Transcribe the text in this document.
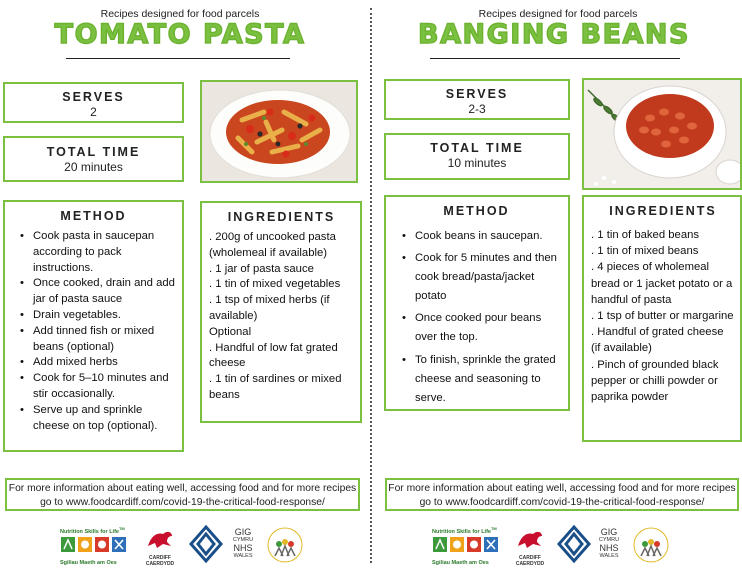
Recipes designed for food parcels
TOMATO PASTA
SERVES
2
TOTAL TIME
20 minutes
METHOD
• Cook pasta in saucepan according to pack instructions.
• Once cooked, drain and add jar of pasta sauce
• Drain vegetables.
• Add tinned fish or mixed beans (optional)
• Add mixed herbs
• Cook for 5–10 minutes and stir occasionally.
• Serve up and sprinkle cheese on top (optional).
INGREDIENTS
. 200g of uncooked pasta (wholemeal if available)
. 1 jar of pasta sauce
. 1 tin of mixed vegetables
. 1 tsp of mixed herbs (if available)
Optional
. Handful of low fat grated cheese
. 1 tin of sardines or mixed beans
For more information about eating well, accessing food and for more recipes go to www.foodcardiff.com/covid-19-the-critical-food-response/
Recipes designed for food parcels
BANGING BEANS
SERVES
2-3
TOTAL TIME
10 minutes
METHOD
• Cook beans in saucepan.
• Cook for 5 minutes and then cook bread/pasta/jacket potato
• Once cooked pour beans over the top.
• To finish, sprinkle the grated cheese and seasoning to serve.
INGREDIENTS
. 1 tin of baked beans
. 1 tin of mixed beans
. 4 pieces of wholemeal bread or 1 jacket potato or a handful of pasta
. 1 tsp of butter or margarine
. Handful of grated cheese (if available)
. Pinch of grounded black pepper or chilli powder or paprika powder
For more information about eating well, accessing food and for more recipes go to www.foodcardiff.com/covid-19-the-critical-food-response/
Nutrition Skills for Life™
Sgiliau Maeth am Oes
CARDIFF
CAERDYDD
GIG
CYMRU
NHS
WALES
Nutrition Skills for Life™
Sgiliau Maeth am Oes
CARDIFF
CAERDYDD
GIG
CYMRU
NHS
WALES
